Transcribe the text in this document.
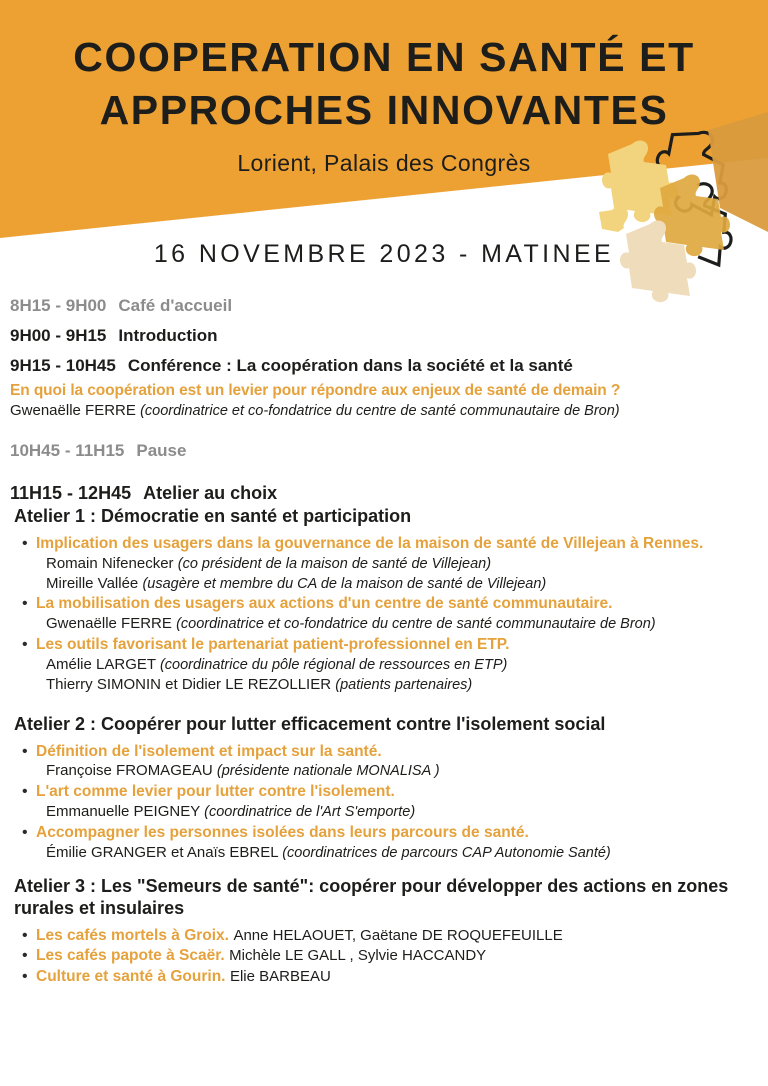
COOPERATION EN SANTÉ ET
APPROCHES INNOVANTES
Lorient, Palais des Congrès
16 NOVEMBRE 2023 - MATINEE
8H15 - 9H00 Café d'accueil
9H00 - 9H15 Introduction
9H15 - 10H45 Conférence : La coopération dans la société et la santé
En quoi la coopération est un levier pour répondre aux enjeux de santé de demain ?
Gwenaëlle FERRE (coordinatrice et co-fondatrice du centre de santé communautaire de Bron)
10H45 - 11H15 Pause
11H15 - 12H45 Atelier au choix
Atelier 1 : Démocratie en santé et participation
• Implication des usagers dans la gouvernance de la maison de santé de Villejean à Rennes.
Romain Nifenecker (co président de la maison de santé de Villejean)
Mireille Vallée (usagère et membre du CA de la maison de santé de Villejean)
• La mobilisation des usagers aux actions d'un centre de santé communautaire.
Gwenaëlle FERRE (coordinatrice et co-fondatrice du centre de santé communautaire de Bron)
• Les outils favorisant le partenariat patient-professionnel en ETP.
Amélie LARGET (coordinatrice du pôle régional de ressources en ETP)
Thierry SIMONIN et Didier LE REZOLLIER (patients partenaires)
Atelier 2 : Coopérer pour lutter efficacement contre l'isolement social
• Définition de l'isolement et impact sur la santé.
Françoise FROMAGEAU (présidente nationale MONALISA )
• L'art comme levier pour lutter contre l'isolement.
Emmanuelle PEIGNEY (coordinatrice de l'Art S'emporte)
• Accompagner les personnes isolées dans leurs parcours de santé.
Émilie GRANGER et Anaïs EBREL (coordinatrices de parcours CAP Autonomie Santé)
Atelier 3 : Les "Semeurs de santé": coopérer pour développer des actions en zones rurales et insulaires
• Les cafés mortels à Groix. Anne HELAOUET, Gaëtane DE ROQUEFEUILLE
• Les cafés papote à Scaër. Michèle LE GALL , Sylvie HACCANDY
• Culture et santé à Gourin. Elie BARBEAU
